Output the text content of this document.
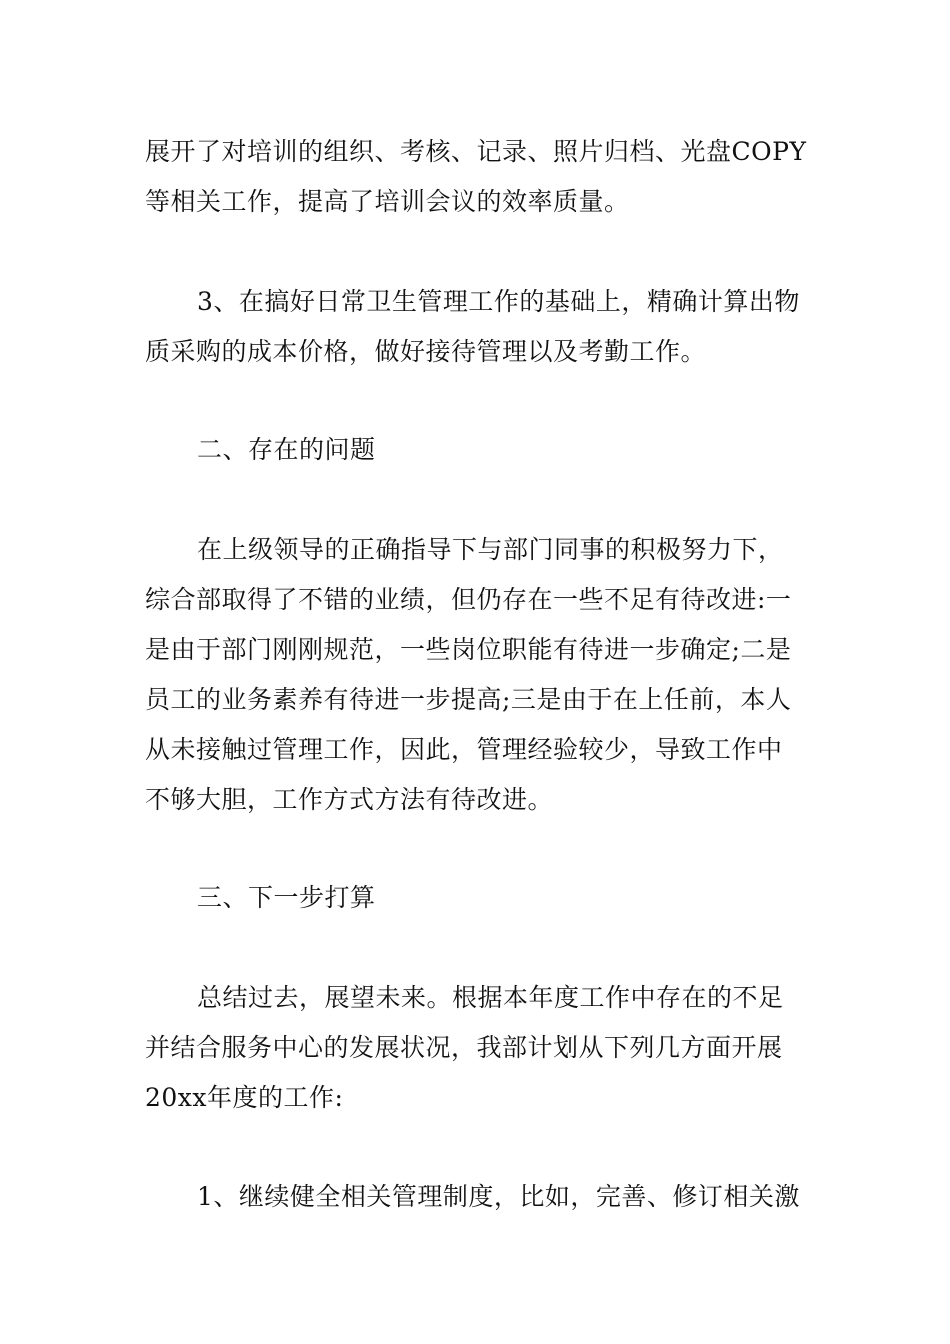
展开了对培训的组织、考核、记录、照片归档、光盘COPY
等相关工作，提高了培训会议的效率质量。

3、在搞好日常卫生管理工作的基础上，精确计算出物
质采购的成本价格，做好接待管理以及考勤工作。

二、存在的问题

在上级领导的正确指导下与部门同事的积极努力下，
综合部取得了不错的业绩，但仍存在一些不足有待改进:一
是由于部门刚刚规范，一些岗位职能有待进一步确定;二是
员工的业务素养有待进一步提高;三是由于在上任前，本人
从未接触过管理工作，因此，管理经验较少，导致工作中
不够大胆，工作方式方法有待改进。

三、下一步打算

总结过去，展望未来。根据本年度工作中存在的不足
并结合服务中心的发展状况，我部计划从下列几方面开展
20xx年度的工作:

1、继续健全相关管理制度，比如，完善、修订相关激
